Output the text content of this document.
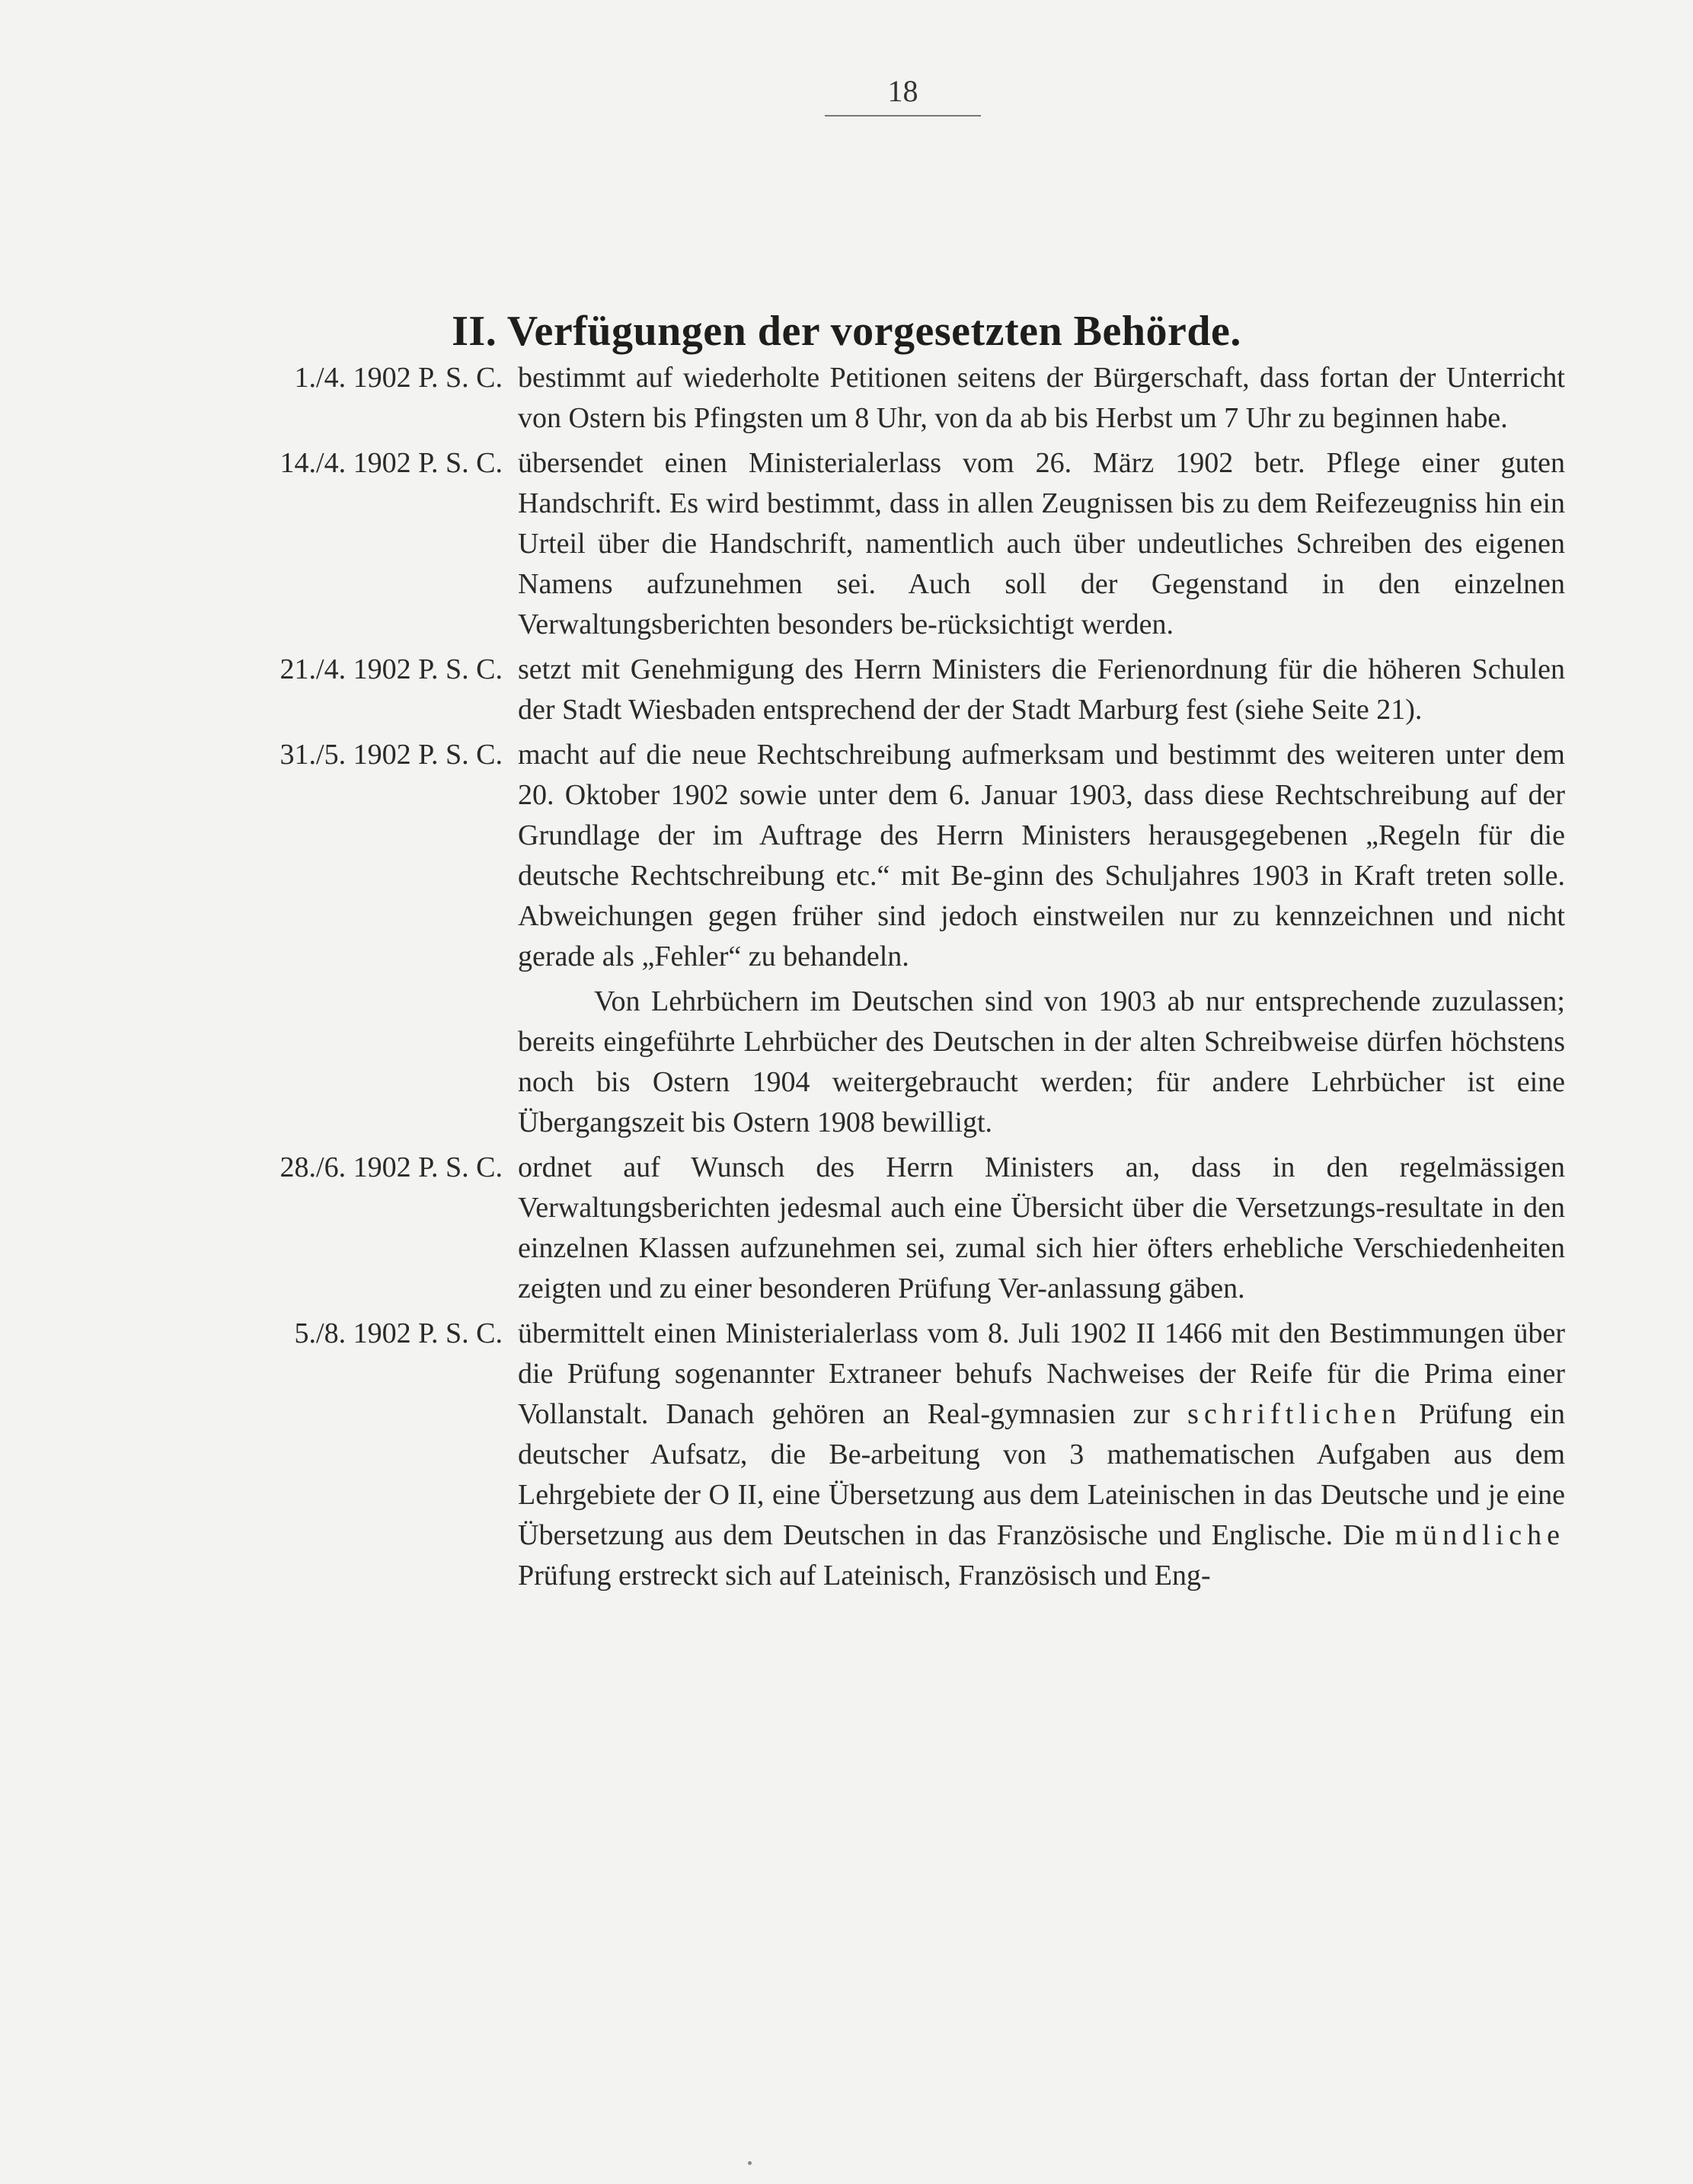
18
II. Verfügungen der vorgesetzten Behörde.
1./4. 1902 P. S. C. bestimmt auf wiederholte Petitionen seitens der Bürgerschaft, dass fortan der Unterricht von Ostern bis Pfingsten um 8 Uhr, von da ab bis Herbst um 7 Uhr zu beginnen habe.

14./4. 1902 P. S. C. übersendet einen Ministerialerlass vom 26. März 1902 betr. Pflege einer guten Handschrift. Es wird bestimmt, dass in allen Zeugnissen bis zu dem Reifezeugniss hin ein Urteil über die Handschrift, namentlich auch über undeutliches Schreiben des eigenen Namens aufzunehmen sei. Auch soll der Gegenstand in den einzelnen Verwaltungsberichten besonders be-rücksichtigt werden.

21./4. 1902 P. S. C. setzt mit Genehmigung des Herrn Ministers die Ferienordnung für die höheren Schulen der Stadt Wiesbaden entsprechend der der Stadt Marburg fest (siehe Seite 21).

31./5. 1902 P. S. C. macht auf die neue Rechtschreibung aufmerksam und bestimmt des weiteren unter dem 20. Oktober 1902 sowie unter dem 6. Januar 1903, dass diese Rechtschreibung auf der Grundlage der im Auftrage des Herrn Ministers herausgegebenen „Regeln für die deutsche Rechtschreibung etc.“ mit Be-ginn des Schuljahres 1903 in Kraft treten solle. Abweichungen gegen früher sind jedoch einstweilen nur zu kennzeichnen und nicht gerade als „Fehler“ zu behandeln.

Von Lehrbüchern im Deutschen sind von 1903 ab nur entsprechende zuzulassen; bereits eingeführte Lehrbücher des Deutschen in der alten Schreibweise dürfen höchstens noch bis Ostern 1904 weitergebraucht werden; für andere Lehrbücher ist eine Übergangszeit bis Ostern 1908 bewilligt.

28./6. 1902 P. S. C. ordnet auf Wunsch des Herrn Ministers an, dass in den regelmässigen Verwaltungsberichten jedesmal auch eine Übersicht über die Versetzungs-resultate in den einzelnen Klassen aufzunehmen sei, zumal sich hier öfters erhebliche Verschiedenheiten zeigten und zu einer besonderen Prüfung Ver-anlassung gäben.

5./8. 1902 P. S. C. übermittelt einen Ministerialerlass vom 8. Juli 1902 II 1466 mit den Bestimmungen über die Prüfung sogenannter Extraneer behufs Nachweises der Reife für die Prima einer Vollanstalt. Danach gehören an Real-gymnasien zur schriftlichen Prüfung ein deutscher Aufsatz, die Be-arbeitung von 3 mathematischen Aufgaben aus dem Lehrgebiete der O II, eine Übersetzung aus dem Lateinischen in das Deutsche und je eine Übersetzung aus dem Deutschen in das Französische und Englische. Die mündliche Prüfung erstreckt sich auf Lateinisch, Französisch und Eng-
